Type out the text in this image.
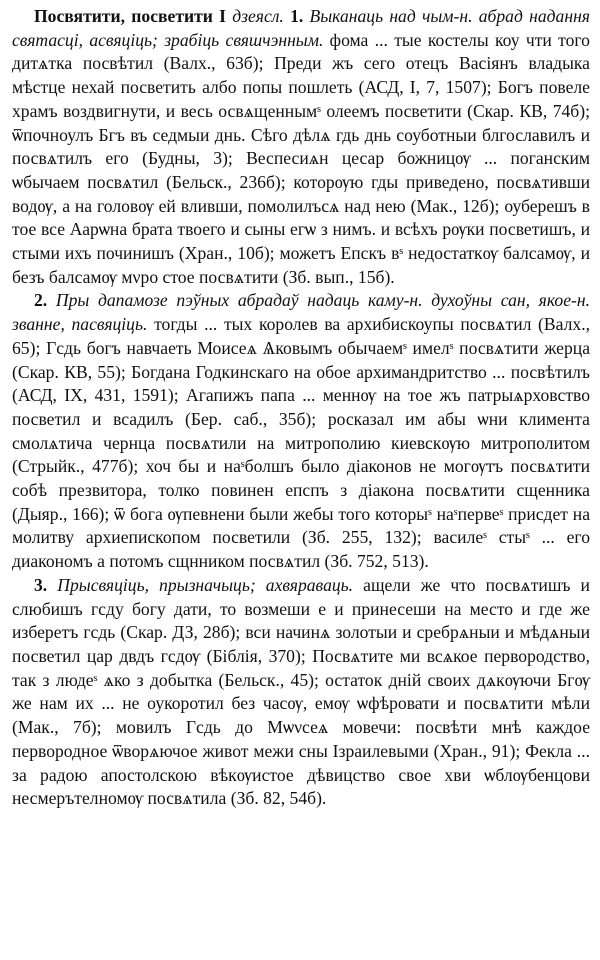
Посвятити, посветити I дзеясл. 1. Выканаць над чым-н. абрад надання святасці, асвяціць; зрабіць свяшчэнным. фома ... тые костелы коу чти того дитѧтка посвѣтил (Валх., 63б); Преди жъ сего отецъ Васіянъ владыка мѣстце нехай посветить албо попы пошлеть (АСД, I, 7, 1507); Богъ повеле храмъ воздвигнути, и весь освѧщеннымˢ олеемъ посветити (Скар. КВ, 74б); ѿпочноулъ Бгъ въ седмыи днь. Сѣго дѣлѧ гдь днь соуботныи блгославилъ и посвѧтилъ его (Будны, 3); Веспесиѧн цесар божницѹ ... поганским ѡбычаем посвѧтил (Бельск., 236б); которѹю гды приведено, посвѧтивши водѹ, а на головѹ ей вливши, помолилъсѧ над нею (Мак., 12б); оуберешъ в тое все Аарѡна брата твоего и сыны егѡ з нимъ. и всѣхъ рѹки посветишъ, и стыми ихъ починишъ (Хран., 10б); можетъ Епскъ вˢ недостаткѹ балсамѹ, и безъ балсамѹ мνро стое посвѧтити (Зб. вып., 15б).

2. Пры дапамозе пэўных абрадаў надаць каму-н. духоўны сан, якое-н. званне, пасвяціць. тогды ... тых королев ва архибискоупы посвѧтил (Валх., 65); Гсдь богъ навчаеть Моисеѧ Ѧковымъ обычаемˢ имелˢ посвѧтити жерца (Скар. КВ, 55); Богдана Годкинскаго на обое архимандритство ... посвѣтилъ (АСД, IX, 431, 1591); Агапижъ папа ... меннѹ на тое жъ патрыѧрховство посветил и всадилъ (Бер. саб., 35б); росказал им абы ѡни климента смолѧтича чернца посвѧтили на митрополию киевскѹю митрополитом (Стрыйк., 477б); хоч бы и наˢболшъ было діаконов не могѹтъ посвѧтити собѣ презвитора, толко повинен епспъ з діакона посвѧтити сщенника (Дыяр., 166); ѿ бога ѹпевнени были жебы того которыˢ наˢпервеˢ присдет на молитву архиепископом посветили (Зб. 255, 132); василеˢ стыˢ ... его диакономъ а потомъ сщнником посвѧтил (Зб. 752, 513).

3. Прысвяціць, прызначыць; ахвяраваць. ащели же что посвѧтишъ и слюбишъ гсду богу дати, то возмеши е и принесеши на место и где же изберетъ гсдь (Скар. ДЗ, 28б); вси начинѧ золотыи и сребрѧныи и мѣдѧныи посветил цар двдъ гсдѹ (Біблія, 370); Посвѧтите ми всѧкое первородство, так з людеˢ ѧко з добытка (Бельск., 45); остаток дній своих дѧкѹючи Бгѹ же нам их ... не оукоротил без часѹ, емѹ ѡфѣровати и посвѧтити мѣли (Мак., 7б); мовилъ Гсдь до Мѡνсеѧ мовечи: посвѣти мнѣ каждое первородное ѿворѧючое живот межи сны Ізраилевыми (Хран., 91); Фекла ... за радою апостолскою вѣкѹистое дѣвицство свое хви ѡблѹбенцови несмерътелномѹ посвѧтила (Зб. 82, 54б).
